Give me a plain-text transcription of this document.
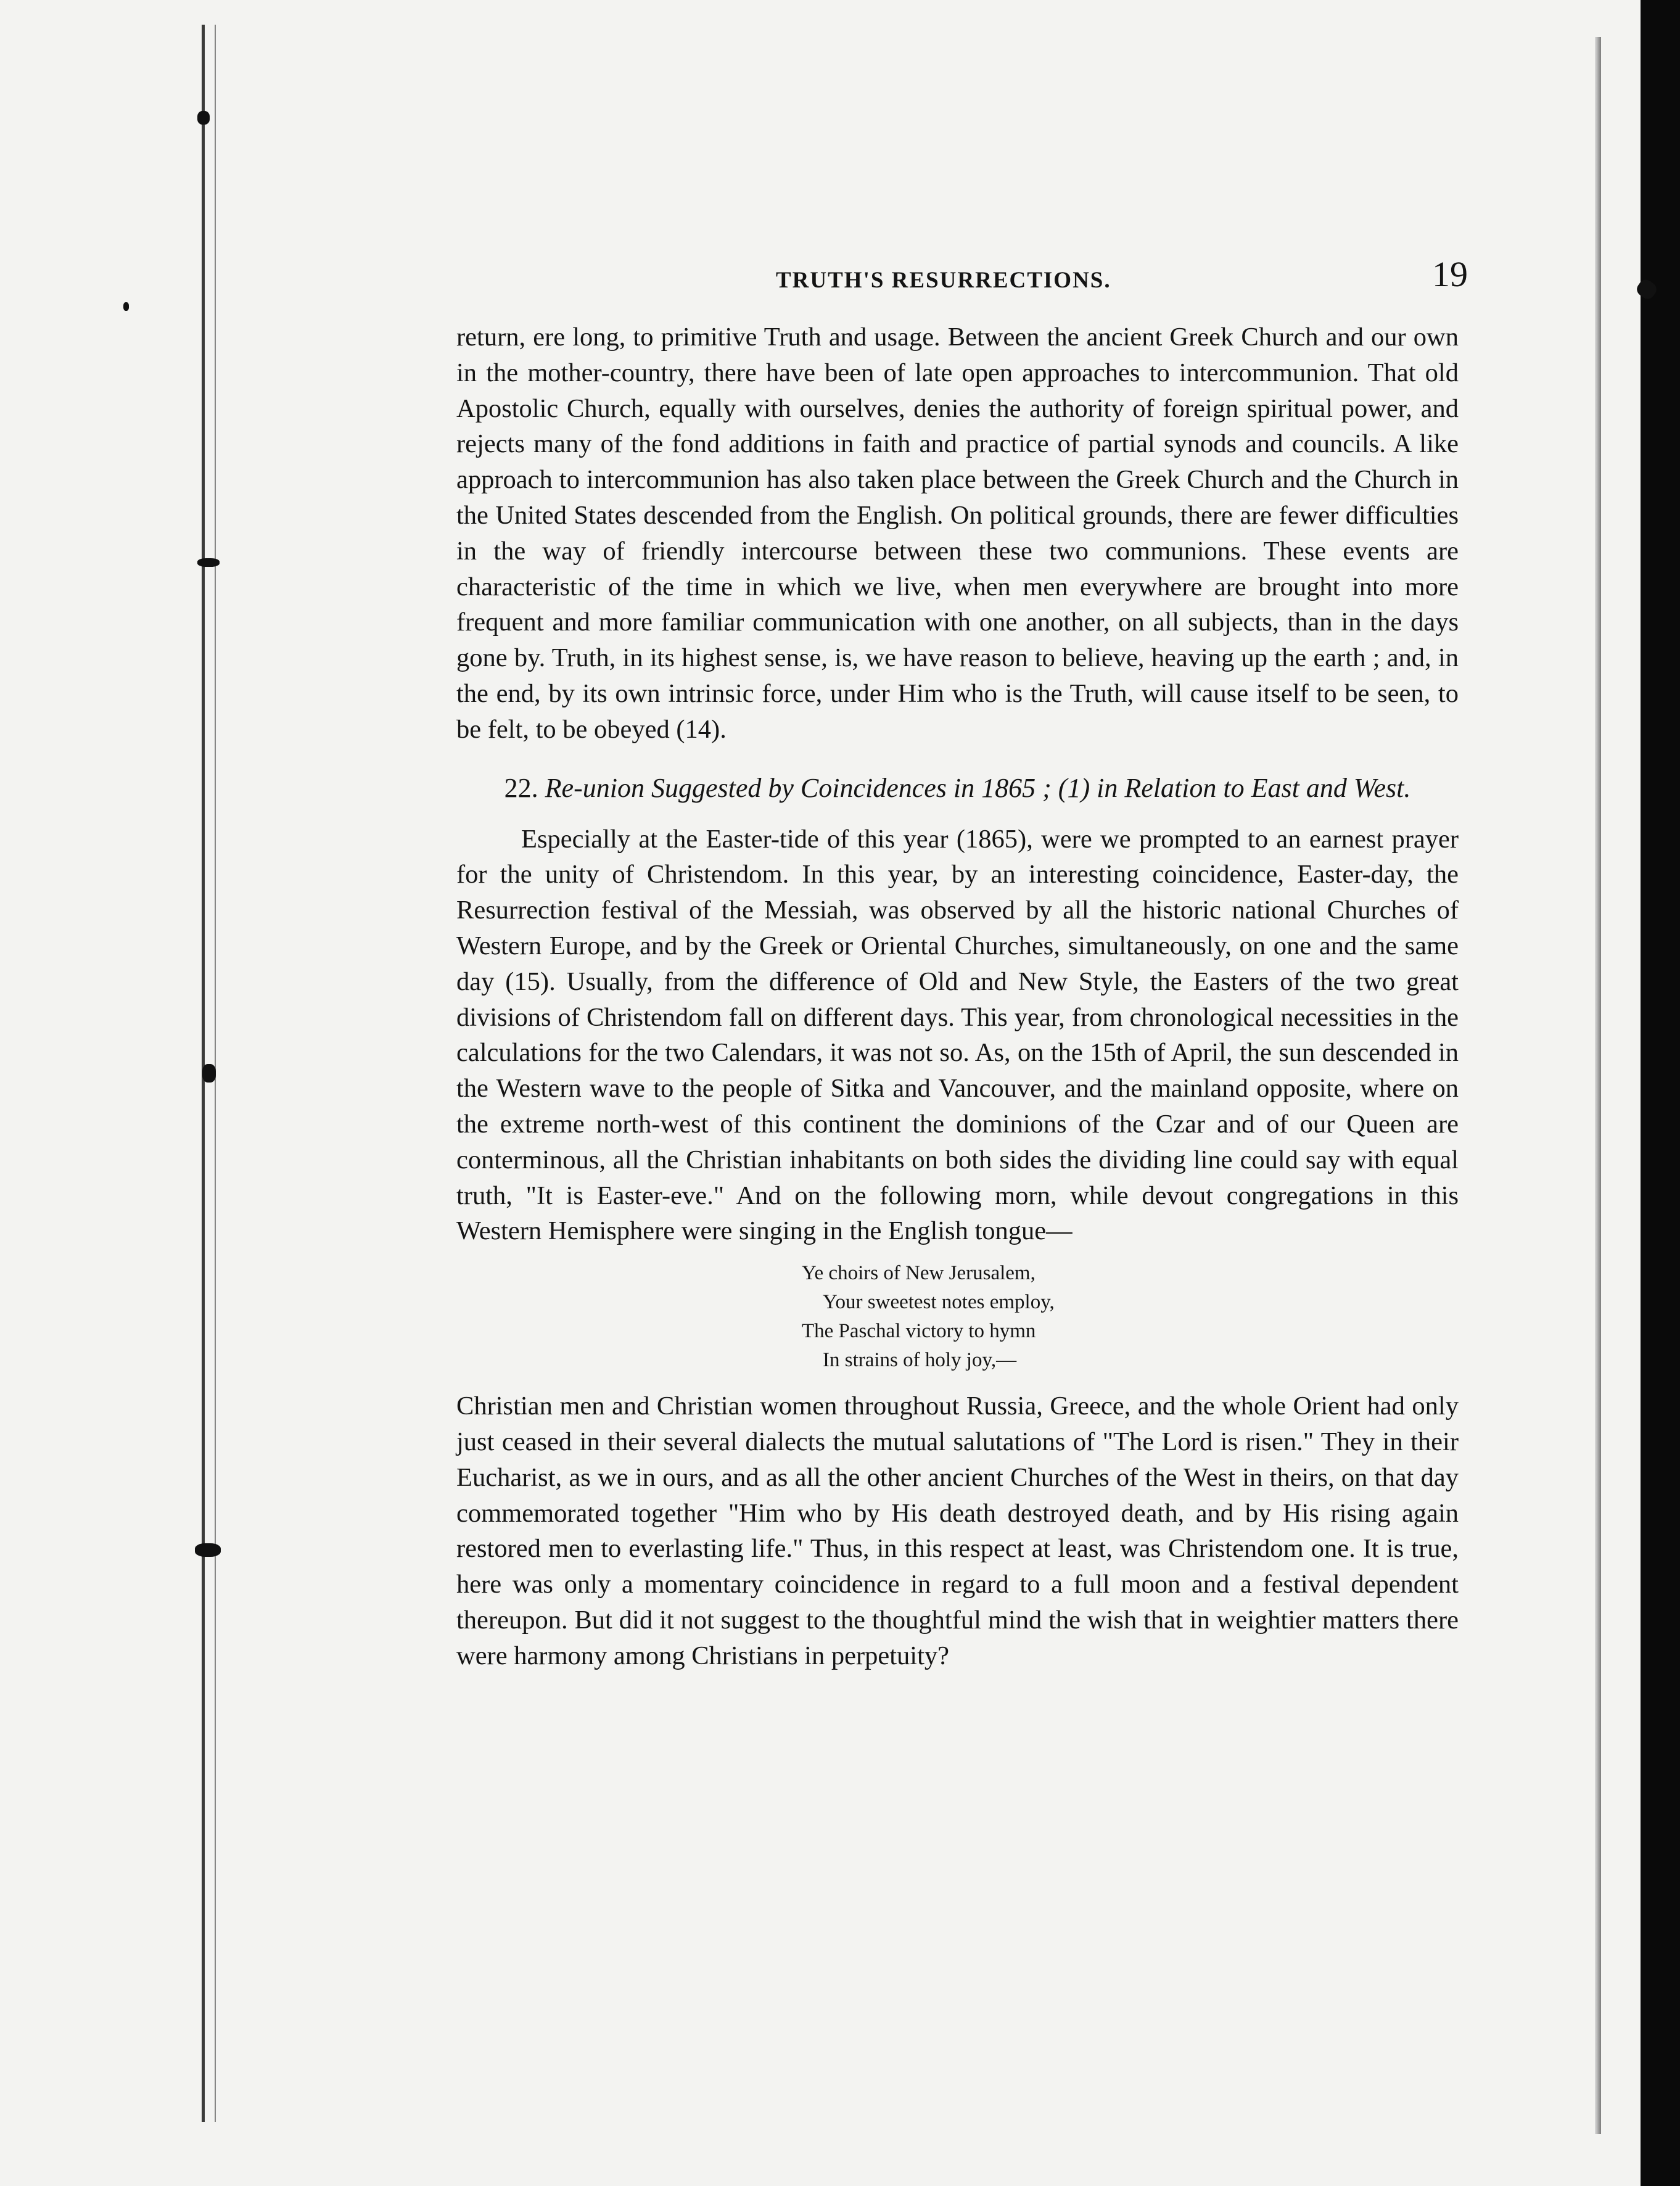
TRUTH'S RESURRECTIONS.	19

return, ere long, to primitive Truth and usage. Between the ancient Greek Church and our own in the mother-country, there have been of late open approaches to intercommunion. That old Apostolic Church, equally with ourselves, denies the authority of foreign spiritual power, and rejects many of the fond additions in faith and practice of partial synods and councils. A like approach to intercommunion has also taken place between the Greek Church and the Church in the United States descended from the English. On political grounds, there are fewer difficulties in the way of friendly intercourse between these two communions. These events are characteristic of the time in which we live, when men everywhere are brought into more frequent and more familiar communication with one another, on all subjects, than in the days gone by. Truth, in its highest sense, is, we have reason to believe, heaving up the earth ; and, in the end, by its own intrinsic force, under Him who is the Truth, will cause itself to be seen, to be felt, to be obeyed (14).

22. Re-union Suggested by Coincidences in 1865 ; (1) in Relation to East and West.

Especially at the Easter-tide of this year (1865), were we prompted to an earnest prayer for the unity of Christendom. In this year, by an interesting coincidence, Easter-day, the Resurrection festival of the Messiah, was observed by all the historic national Churches of Western Europe, and by the Greek or Oriental Churches, simultaneously, on one and the same day (15). Usually, from the difference of Old and New Style, the Easters of the two great divisions of Christendom fall on different days. This year, from chronological necessities in the calculations for the two Calendars, it was not so. As, on the 15th of April, the sun descended in the Western wave to the people of Sitka and Vancouver, and the mainland opposite, where on the extreme north-west of this continent the dominions of the Czar and of our Queen are conterminous, all the Christian inhabitants on both sides the dividing line could say with equal truth, "It is Easter-eve." And on the following morn, while devout congregations in this Western Hemisphere were singing in the English tongue—

Ye choirs of New Jerusalem,
Your sweetest notes employ,
The Paschal victory to hymn
In strains of holy joy,—

Christian men and Christian women throughout Russia, Greece, and the whole Orient had only just ceased in their several dialects the mutual salutations of "The Lord is risen." They in their Eucharist, as we in ours, and as all the other ancient Churches of the West in theirs, on that day commemorated together "Him who by His death destroyed death, and by His rising again restored men to everlasting life." Thus, in this respect at least, was Christendom one. It is true, here was only a momentary coincidence in regard to a full moon and a festival dependent thereupon. But did it not suggest to the thoughtful mind the wish that in weightier matters there were harmony among Christians in perpetuity?
